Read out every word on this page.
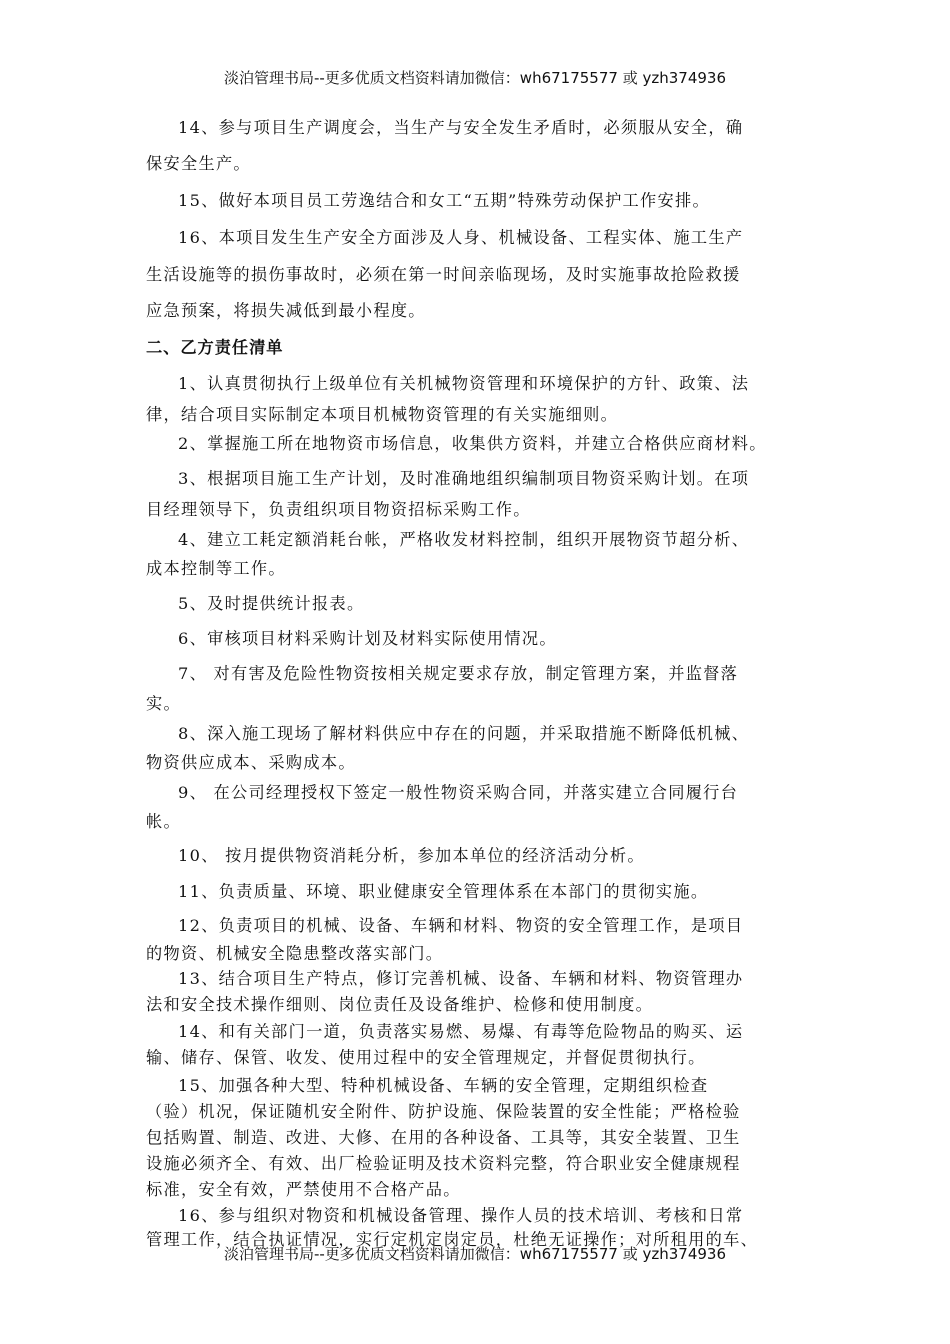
淡泊管理书局--更多优质文档资料请加微信：wh67175577 或 yzh374936
14、参与项目生产调度会，当生产与安全发生矛盾时，必须服从安全，确
保安全生产。
15、做好本项目员工劳逸结合和女工“五期”特殊劳动保护工作安排。
16、本项目发生生产安全方面涉及人身、机械设备、工程实体、施工生产
生活设施等的损伤事故时，必须在第一时间亲临现场，及时实施事故抢险救援
应急预案，将损失减低到最小程度。
二、乙方责任清单
1、认真贯彻执行上级单位有关机械物资管理和环境保护的方针、政策、法
律，结合项目实际制定本项目机械物资管理的有关实施细则。
2、掌握施工所在地物资市场信息，收集供方资料，并建立合格供应商材料。
3、根据项目施工生产计划，及时准确地组织编制项目物资采购计划。在项
目经理领导下，负责组织项目物资招标采购工作。
4、建立工耗定额消耗台帐，严格收发材料控制，组织开展物资节超分析、
成本控制等工作。
5、及时提供统计报表。
6、审核项目材料采购计划及材料实际使用情况。
7、 对有害及危险性物资按相关规定要求存放，制定管理方案，并监督落
实。
8、深入施工现场了解材料供应中存在的问题，并采取措施不断降低机械、
物资供应成本、采购成本。
9、 在公司经理授权下签定一般性物资采购合同，并落实建立合同履行台
帐。
10、 按月提供物资消耗分析，参加本单位的经济活动分析。
11、负责质量、环境、职业健康安全管理体系在本部门的贯彻实施。
12、负责项目的机械、设备、车辆和材料、物资的安全管理工作，是项目
的物资、机械安全隐患整改落实部门。
13、结合项目生产特点，修订完善机械、设备、车辆和材料、物资管理办
法和安全技术操作细则、岗位责任及设备维护、检修和使用制度。
14、和有关部门一道，负责落实易燃、易爆、有毒等危险物品的购买、运
输、储存、保管、收发、使用过程中的安全管理规定，并督促贯彻执行。
15、加强各种大型、特种机械设备、车辆的安全管理，定期组织检查
（验）机况，保证随机安全附件、防护设施、保险装置的安全性能；严格检验
包括购置、制造、改进、大修、在用的各种设备、工具等，其安全装置、卫生
设施必须齐全、有效、出厂检验证明及技术资料完整，符合职业安全健康规程
标准，安全有效，严禁使用不合格产品。
16、参与组织对物资和机械设备管理、操作人员的技术培训、考核和日常
管理工作，结合执证情况，实行定机定岗定员，杜绝无证操作；对所租用的车、
淡泊管理书局--更多优质文档资料请加微信：wh67175577 或 yzh374936
